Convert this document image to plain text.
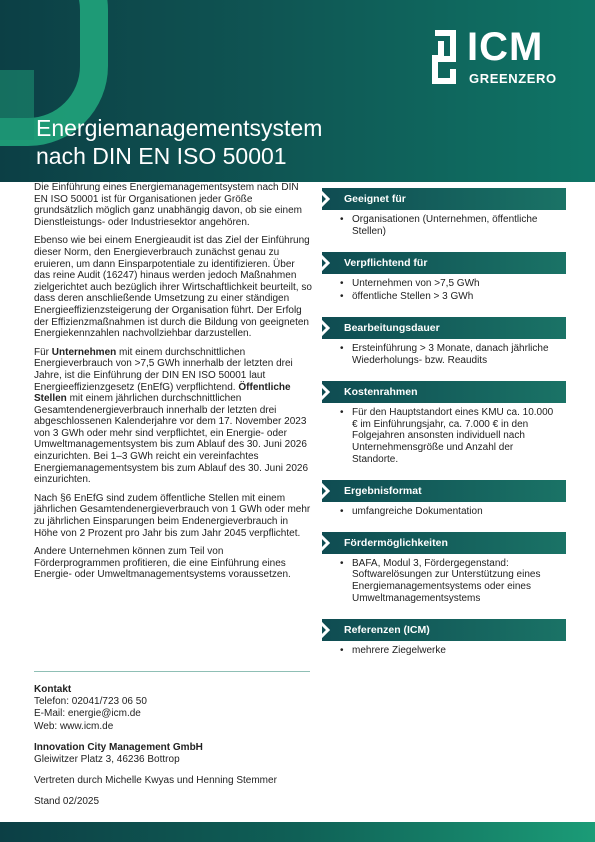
ICM
GREENZERO
Energiemanagementsystem
nach DIN EN ISO 50001

Die Einführung eines Energiemanagementsystem nach DIN EN ISO 50001 ist für Organisationen jeder Größe grundsätzlich möglich ganz unabhängig davon, ob sie einem Dienstleistungs- oder Industriesektor angehören.

Ebenso wie bei einem Energieaudit ist das Ziel der Einführung dieser Norm, den Energieverbrauch zunächst genau zu eruieren, um dann Einsparpotentiale zu identifizieren. Über das reine Audit (16247) hinaus werden jedoch Maßnahmen zielgerichtet auch bezüglich ihrer Wirtschaftlichkeit beurteilt, so dass deren anschließende Umsetzung zu einer ständigen Energieeffizienzsteigerung der Organisation führt. Der Erfolg der Effizienzmaßnahmen ist durch die Bildung von geeigneten Energiekennzahlen nachvollziehbar darzustellen.

Für Unternehmen mit einem durchschnittlichen Energieverbrauch von >7,5 GWh innerhalb der letzten drei Jahre, ist die Einführung der DIN EN ISO 50001 laut Energieeffizienzgesetz (EnEfG) verpflichtend. Öffentliche Stellen mit einem jährlichen durchschnittlichen Gesamtendenergieverbrauch innerhalb der letzten drei abgeschlossenen Kalenderjahre vor dem 17. November 2023 von 3 GWh oder mehr sind verpflichtet, ein Energie- oder Umweltmanagementsystem bis zum Ablauf des 30. Juni 2026 einzurichten. Bei 1–3 GWh reicht ein vereinfachtes Energiemanagementsystem bis zum Ablauf des 30. Juni 2026 einzurichten.

Nach §6 EnEfG sind zudem öffentliche Stellen mit einem jährlichen Gesamtendenergieverbrauch von 1 GWh oder mehr zu jährlichen Einsparungen beim Endenergieverbrauch in Höhe von 2 Prozent pro Jahr bis zum Jahr 2045 verpflichtet.

Andere Unternehmen können zum Teil von Förderprogrammen profitieren, die eine Einführung eines Energie- oder Umweltmanagementsystems voraussetzen.

Kontakt
Telefon: 02041/723 06 50
E-Mail: energie@icm.de
Web: www.icm.de
Innovation City Management GmbH
Gleiwitzer Platz 3, 46236 Bottrop
Vertreten durch Michelle Kwyas und Henning Stemmer
Stand 02/2025
Geeignet für
• Organisationen (Unternehmen, öffentliche Stellen)
Verpflichtend für
• Unternehmen von >7,5 GWh
• öffentliche Stellen > 3 GWh
Bearbeitungsdauer
• Ersteinführung > 3 Monate, danach jährliche Wiederholungs- bzw. Reaudits
Kostenrahmen
• Für den Hauptstandort eines KMU ca. 10.000 € im Einführungsjahr, ca. 7.000 € in den Folgejahren ansonsten individuell nach Unternehmensgröße und Anzahl der Standorte.
Ergebnisformat
• umfangreiche Dokumentation
Fördermöglichkeiten
• BAFA, Modul 3, Fördergegenstand: Softwarelösungen zur Unterstützung eines Energiemanagementsystems oder eines Umweltmanagementsystems
Referenzen (ICM)
• mehrere Ziegelwerke
